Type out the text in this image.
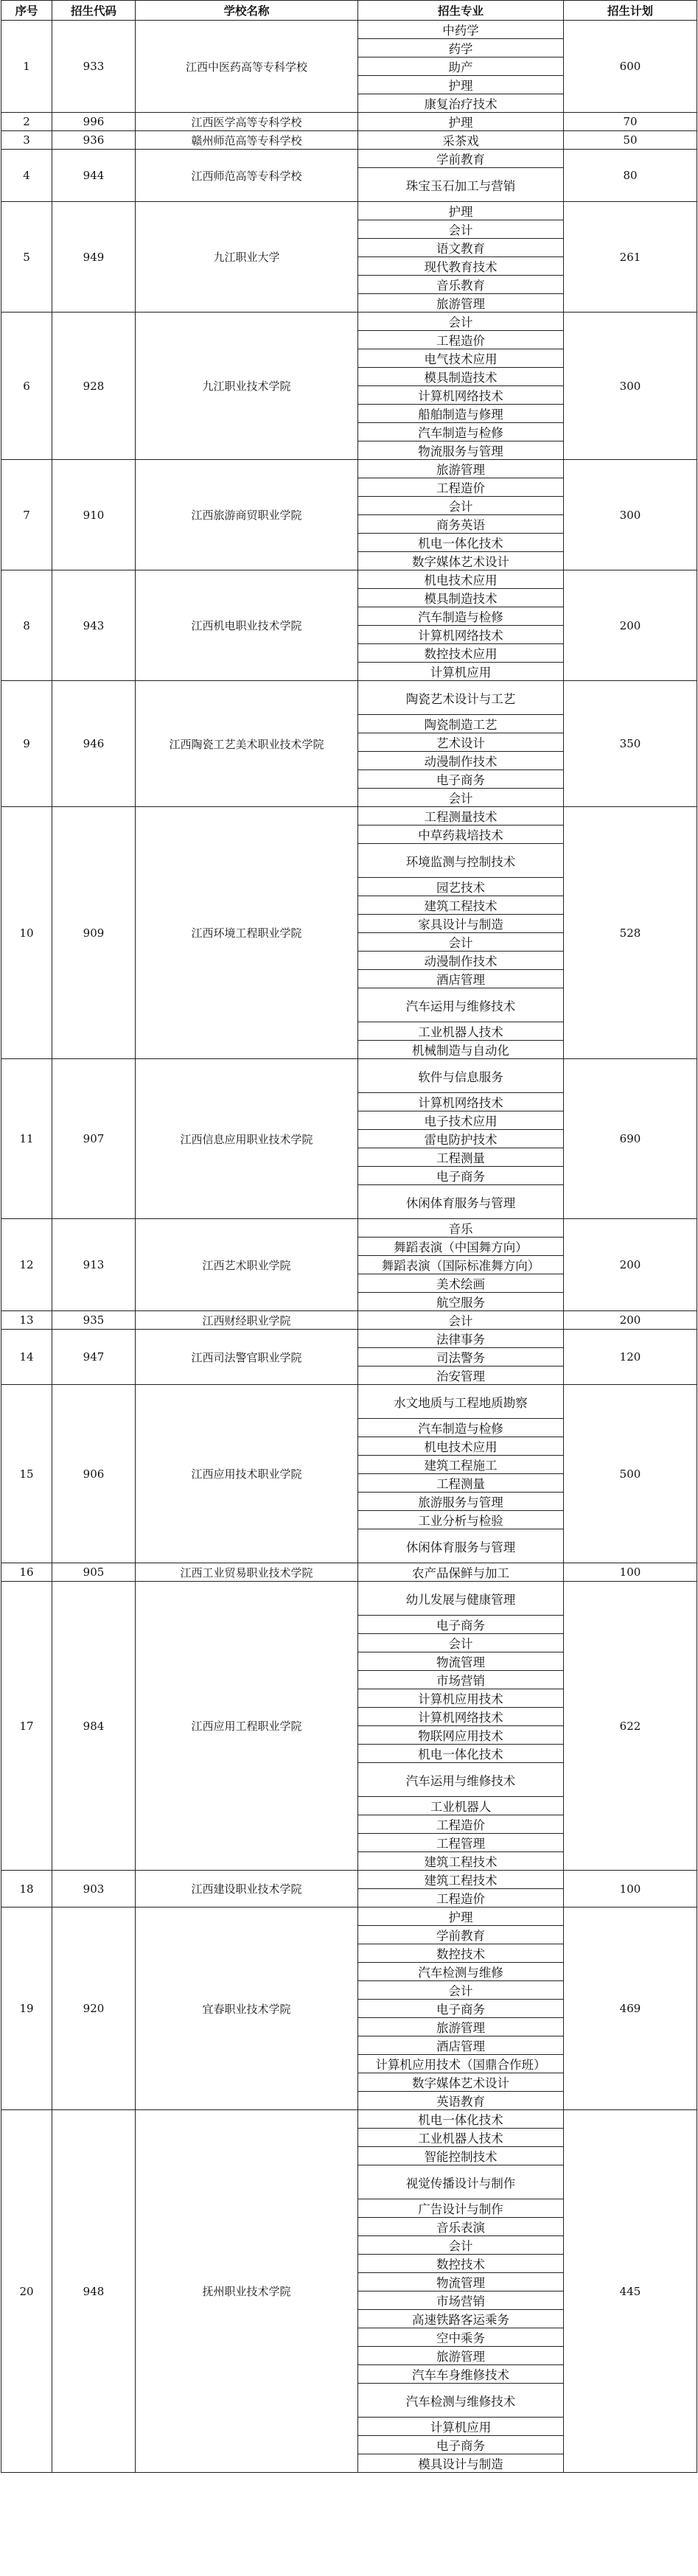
序号	招生代码	学校名称	招生专业	招生计划
1	933	江西中医药高等专科学校	中药学	600
			药学	
			助产	
			护理	
			康复治疗技术	
2	996	江西医学高等专科学校	护理	70
3	936	赣州师范高等专科学校	采茶戏	50
4	944	江西师范高等专科学校	学前教育	80
			珠宝玉石加工与营销	
5	949	九江职业大学	护理	261
			会计	
			语文教育	
			现代教育技术	
			音乐教育	
			旅游管理	
6	928	九江职业技术学院	会计	300
			工程造价	
			电气技术应用	
			模具制造技术	
			计算机网络技术	
			船舶制造与修理	
			汽车制造与检修	
			物流服务与管理	
7	910	江西旅游商贸职业学院	旅游管理	300
			工程造价	
			会计	
			商务英语	
			机电一体化技术	
			数字媒体艺术设计	
8	943	江西机电职业技术学院	机电技术应用	200
			模具制造技术	
			汽车制造与检修	
			计算机网络技术	
			数控技术应用	
			计算机应用	
9	946	江西陶瓷工艺美术职业技术学院	陶瓷艺术设计与工艺	350
			陶瓷制造工艺	
			艺术设计	
			动漫制作技术	
			电子商务	
			会计	
10	909	江西环境工程职业学院	工程测量技术	528
			中草药栽培技术	
			环境监测与控制技术	
			园艺技术	
			建筑工程技术	
			家具设计与制造	
			会计	
			动漫制作技术	
			酒店管理	
			汽车运用与维修技术	
			工业机器人技术	
			机械制造与自动化	
11	907	江西信息应用职业技术学院	软件与信息服务	690
			计算机网络技术	
			电子技术应用	
			雷电防护技术	
			工程测量	
			电子商务	
			休闲体育服务与管理	
12	913	江西艺术职业学院	音乐	200
			舞蹈表演（中国舞方向）	
			舞蹈表演（国际标准舞方向）	
			美术绘画	
			航空服务	
13	935	江西财经职业学院	会计	200
14	947	江西司法警官职业学院	法律事务	120
			司法警务	
			治安管理	
15	906	江西应用技术职业学院	水文地质与工程地质勘察	500
			汽车制造与检修	
			机电技术应用	
			建筑工程施工	
			工程测量	
			旅游服务与管理	
			工业分析与检验	
			休闲体育服务与管理	
16	905	江西工业贸易职业技术学院	农产品保鲜与加工	100
17	984	江西应用工程职业学院	幼儿发展与健康管理	622
			电子商务	
			会计	
			物流管理	
			市场营销	
			计算机应用技术	
			计算机网络技术	
			物联网应用技术	
			机电一体化技术	
			汽车运用与维修技术	
			工业机器人	
			工程造价	
			工程管理	
			建筑工程技术	
18	903	江西建设职业技术学院	建筑工程技术	100
			工程造价	
19	920	宜春职业技术学院	护理	469
			学前教育	
			数控技术	
			汽车检测与维修	
			会计	
			电子商务	
			旅游管理	
			酒店管理	
			计算机应用技术（国鼎合作班）	
			数字媒体艺术设计	
			英语教育	
20	948	抚州职业技术学院	机电一体化技术	445
			工业机器人技术	
			智能控制技术	
			视觉传播设计与制作	
			广告设计与制作	
			音乐表演	
			会计	
			数控技术	
			物流管理	
			市场营销	
			高速铁路客运乘务	
			空中乘务	
			旅游管理	
			汽车车身维修技术	
			汽车检测与维修技术	
			计算机应用	
			电子商务	
			模具设计与制造	
